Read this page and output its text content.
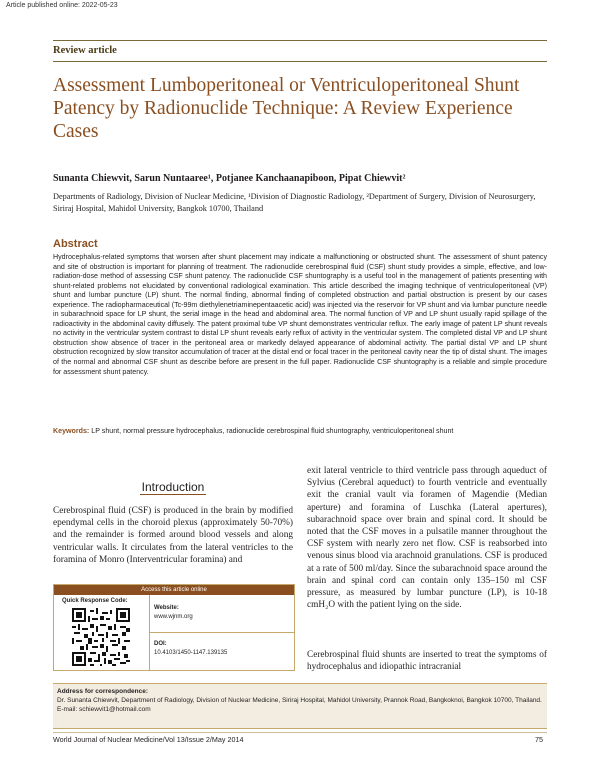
Article published online: 2022-05-23
Review article
Assessment Lumboperitoneal or Ventriculoperitoneal Shunt Patency by Radionuclide Technique: A Review Experience Cases
Sunanta Chiewvit, Sarun Nuntaaree¹, Potjanee Kanchaanapiboon, Pipat Chiewvit²
Departments of Radiology, Division of Nuclear Medicine, ¹Division of Diagnostic Radiology, ²Department of Surgery, Division of Neurosurgery, Siriraj Hospital, Mahidol University, Bangkok 10700, Thailand
Abstract
Hydrocephalus-related symptoms that worsen after shunt placement may indicate a malfunctioning or obstructed shunt. The assessment of shunt patency and site of obstruction is important for planning of treatment. The radionuclide cerebrospinal fluid (CSF) shunt study provides a simple, effective, and low-radiation-dose method of assessing CSF shunt patency. The radionuclide CSF shuntography is a useful tool in the management of patients presenting with shunt-related problems not elucidated by conventional radiological examination. This article described the imaging technique of ventriculoperitoneal (VP) shunt and lumbar puncture (LP) shunt. The normal finding, abnormal finding of completed obstruction and partial obstruction is present by our cases experience. The radiopharmaceutical (Tc-99m diethylenetriaminepentaacetic acid) was injected via the reservoir for VP shunt and via lumbar puncture needle in subarachnoid space for LP shunt, the serial image in the head and abdominal area. The normal function of VP and LP shunt usually rapid spillage of the radioactivity in the abdominal cavity diffusely. The patent proximal tube VP shunt demonstrates ventricular reflux. The early image of patent LP shunt reveals no activity in the ventricular system contrast to distal LP shunt reveals early reflux of activity in the ventricular system. The completed distal VP and LP shunt obstruction show absence of tracer in the peritoneal area or markedly delayed appearance of abdominal activity. The partial distal VP and LP shunt obstruction recognized by slow transitor accumulation of tracer at the distal end or focal tracer in the peritoneal cavity near the tip of distal shunt. The images of the normal and abnormal CSF shunt as describe before are present in the full paper. Radionuclide CSF shuntography is a reliable and simple procedure for assessment shunt patency.
Keywords: LP shunt, normal pressure hydrocephalus, radionuclide cerebrospinal fluid shuntography, ventriculoperitoneal shunt
Introduction
Cerebrospinal fluid (CSF) is produced in the brain by modified ependymal cells in the choroid plexus (approximately 50-70%) and the remainder is formed around blood vessels and along ventricular walls. It circulates from the lateral ventricles to the foramina of Monro (Interventricular foramina) and
Access this article online
Quick Response Code:
Website:
www.wjnm.org
DOI:
10.4103/1450-1147.139135
exit lateral ventricle to third ventricle pass through aqueduct of Sylvius (Cerebral aqueduct) to fourth ventricle and eventually exit the cranial vault via foramen of Magendie (Median aperture) and foramina of Luschka (Lateral apertures), subarachnoid space over brain and spinal cord. It should be noted that the CSF moves in a pulsatile manner throughout the CSF system with nearly zero net flow. CSF is reabsorbed into venous sinus blood via arachnoid granulations. CSF is produced at a rate of 500 ml/day. Since the subarachnoid space around the brain and spinal cord can contain only 135–150 ml CSF pressure, as measured by lumbar puncture (LP), is 10-18 cmH₂O with the patient lying on the side.
Cerebrospinal fluid shunts are inserted to treat the symptoms of hydrocephalus and idiopathic intracranial
Address for correspondence:
Dr. Sunanta Chiewvit, Department of Radiology, Division of Nuclear Medicine, Siriraj Hospital, Mahidol University, Prannok Road, Bangkoknoi, Bangkok 10700, Thailand. E-mail: schiewvit1@hotmail.com
World Journal of Nuclear Medicine/Vol 13/Issue 2/May 2014	75
